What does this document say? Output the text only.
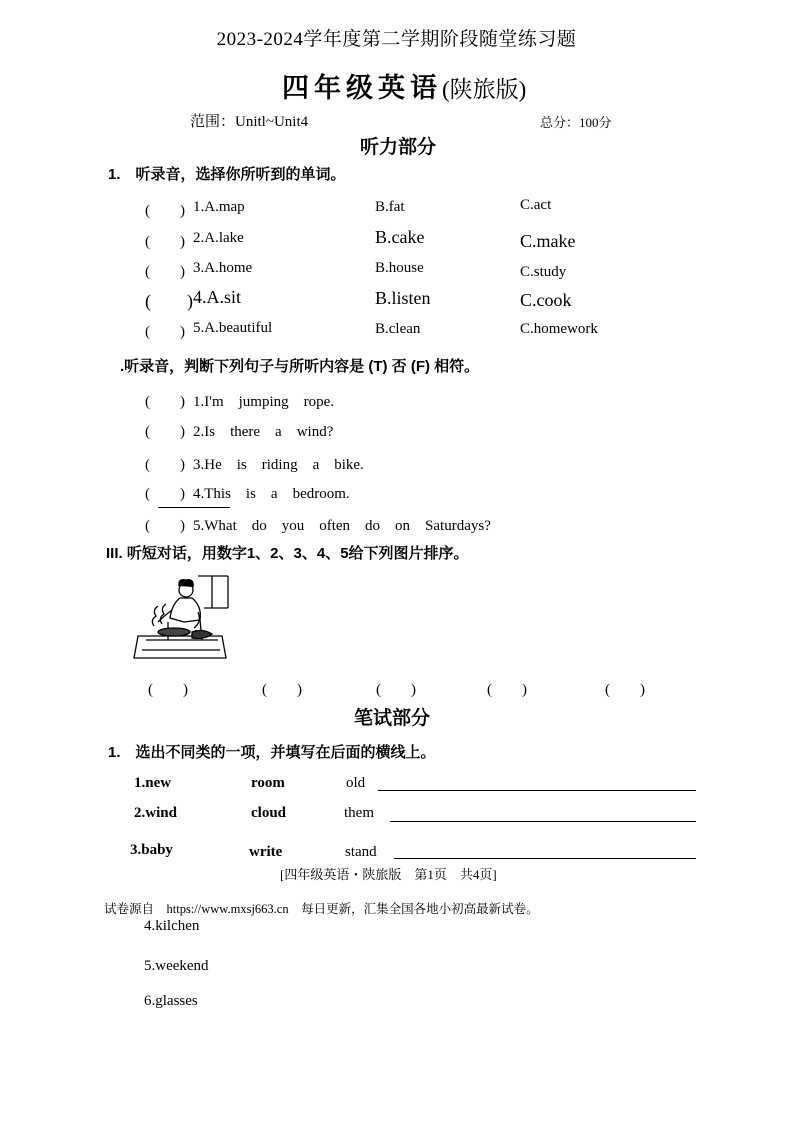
2023-2024学年度第二学期阶段随堂练习题
四年级英语(陕旅版)
范围：Unitl~Unit4	总分：100分
听力部分
1.　听录音，选择你所听到的单词。
(　　) 1.A.map	B.fat	C.act
(　　) 2.A.lake	B.cake	C.make
(　　) 3.A.home	B.house	C.study
(　　) 4.A.sit	B.listen	C.cook
(　　) 5.A.beautiful	B.clean	C.homework
.听录音，判断下列句子与所听内容是 (T) 否 (F) 相符。
(　　) 1.I'm　jumping　rope.
(　　) 2.Is　there　a　wind?
(　　) 3.He　is　riding　a　bike.
(　　) 4.This　is　a　bedroom.
(　　) 5.What　do　you　often　do　on　Saturdays?
III. 听短对话，用数字1、2、3、4、5给下列图片排序。
(　　)	(　　)	(　　)	(　　)	(　　)
笔试部分
1.　选出不同类的一项，并填写在后面的横线上。
1.new	room	old
2.wind	cloud	them
3.baby	write	stand
[四年级英语・陕旅版　第1页　共4页]
试卷源自　https://www.mxsj663.cn　每日更新，汇集全国各地小初高最新试卷。
4.kilchen
5.weekend
6.glasses
